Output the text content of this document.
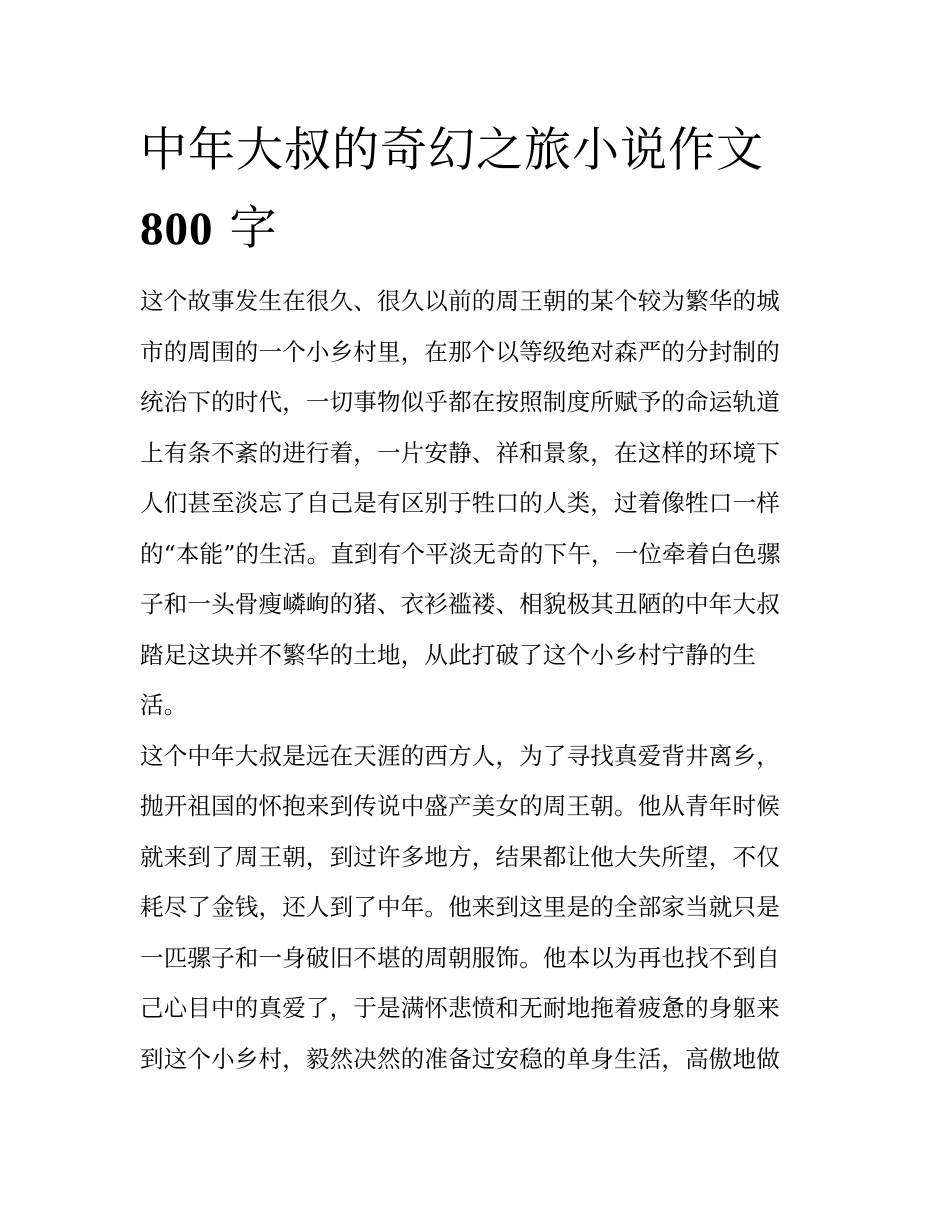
中年大叔的奇幻之旅小说作文
800 字
这个故事发生在很久、很久以前的周王朝的某个较为繁华的城
市的周围的一个小乡村里，在那个以等级绝对森严的分封制的
统治下的时代，一切事物似乎都在按照制度所赋予的命运轨道
上有条不紊的进行着，一片安静、祥和景象，在这样的环境下
人们甚至淡忘了自己是有区别于牲口的人类，过着像牲口一样
的“本能”的生活。直到有个平淡无奇的下午，一位牵着白色骡
子和一头骨瘦嶙峋的猪、衣衫褴褛、相貌极其丑陋的中年大叔
踏足这块并不繁华的土地，从此打破了这个小乡村宁静的生
活。
这个中年大叔是远在天涯的西方人，为了寻找真爱背井离乡，
抛开祖国的怀抱来到传说中盛产美女的周王朝。他从青年时候
就来到了周王朝，到过许多地方，结果都让他大失所望，不仅
耗尽了金钱，还人到了中年。他来到这里是的全部家当就只是
一匹骡子和一身破旧不堪的周朝服饰。他本以为再也找不到自
己心目中的真爱了，于是满怀悲愤和无耐地拖着疲惫的身躯来
到这个小乡村，毅然决然的准备过安稳的单身生活，高傲地做
